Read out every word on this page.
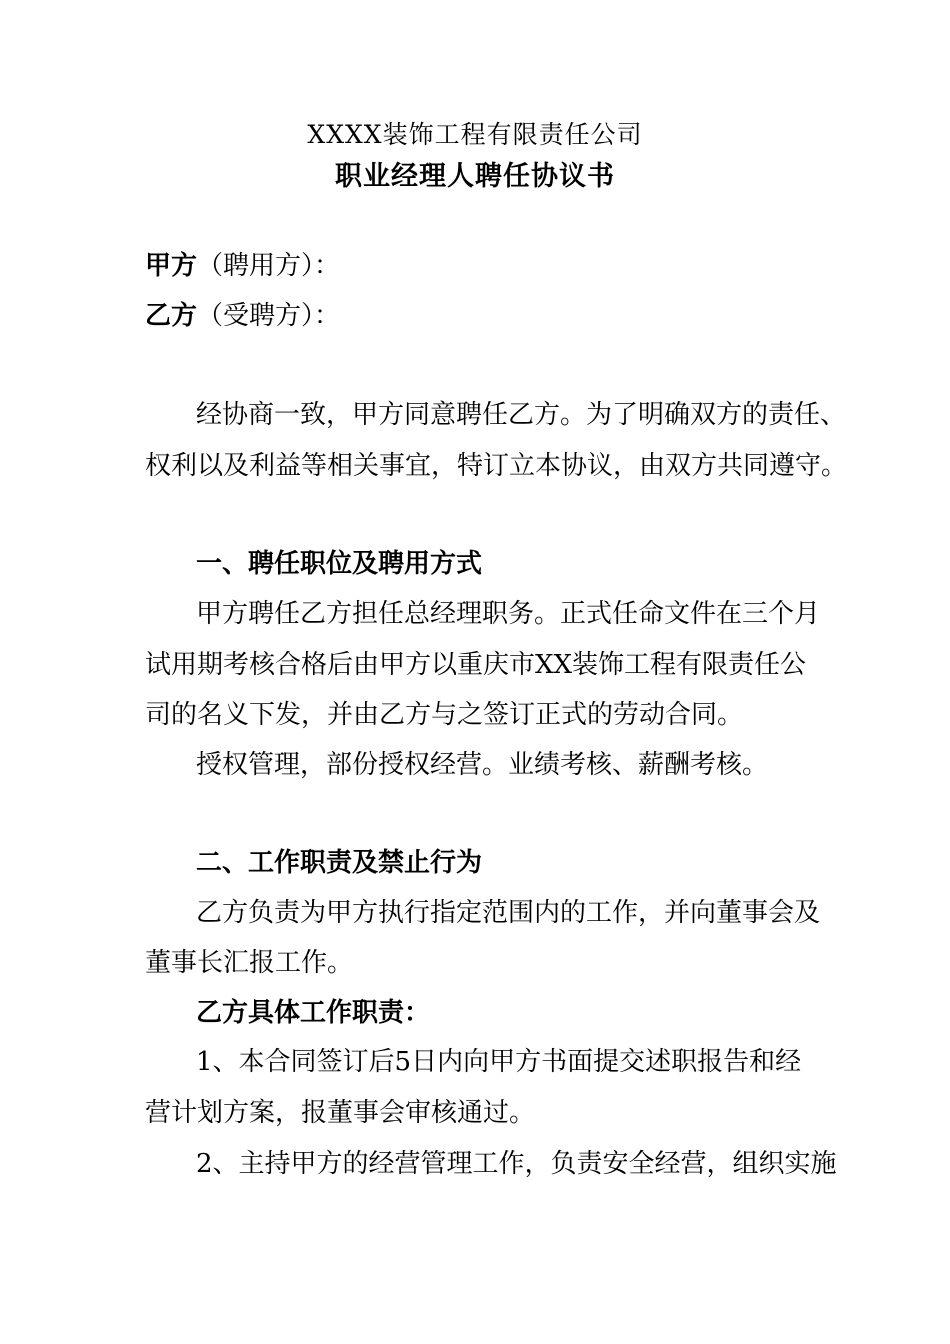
XXXX装饰工程有限责任公司
职业经理人聘任协议书
甲方（聘用方）：
乙方（受聘方）：
经协商一致，甲方同意聘任乙方。为了明确双方的责任、
权利以及利益等相关事宜，特订立本协议，由双方共同遵守。
一、聘任职位及聘用方式
甲方聘任乙方担任总经理职务。正式任命文件在三个月
试用期考核合格后由甲方以重庆市XX装饰工程有限责任公
司的名义下发，并由乙方与之签订正式的劳动合同。
授权管理，部份授权经营。业绩考核、薪酬考核。
二、工作职责及禁止行为
乙方负责为甲方执行指定范围内的工作，并向董事会及
董事长汇报工作。
乙方具体工作职责：
1、本合同签订后5日内向甲方书面提交述职报告和经
营计划方案，报董事会审核通过。
2、主持甲方的经营管理工作，负责安全经营，组织实施
